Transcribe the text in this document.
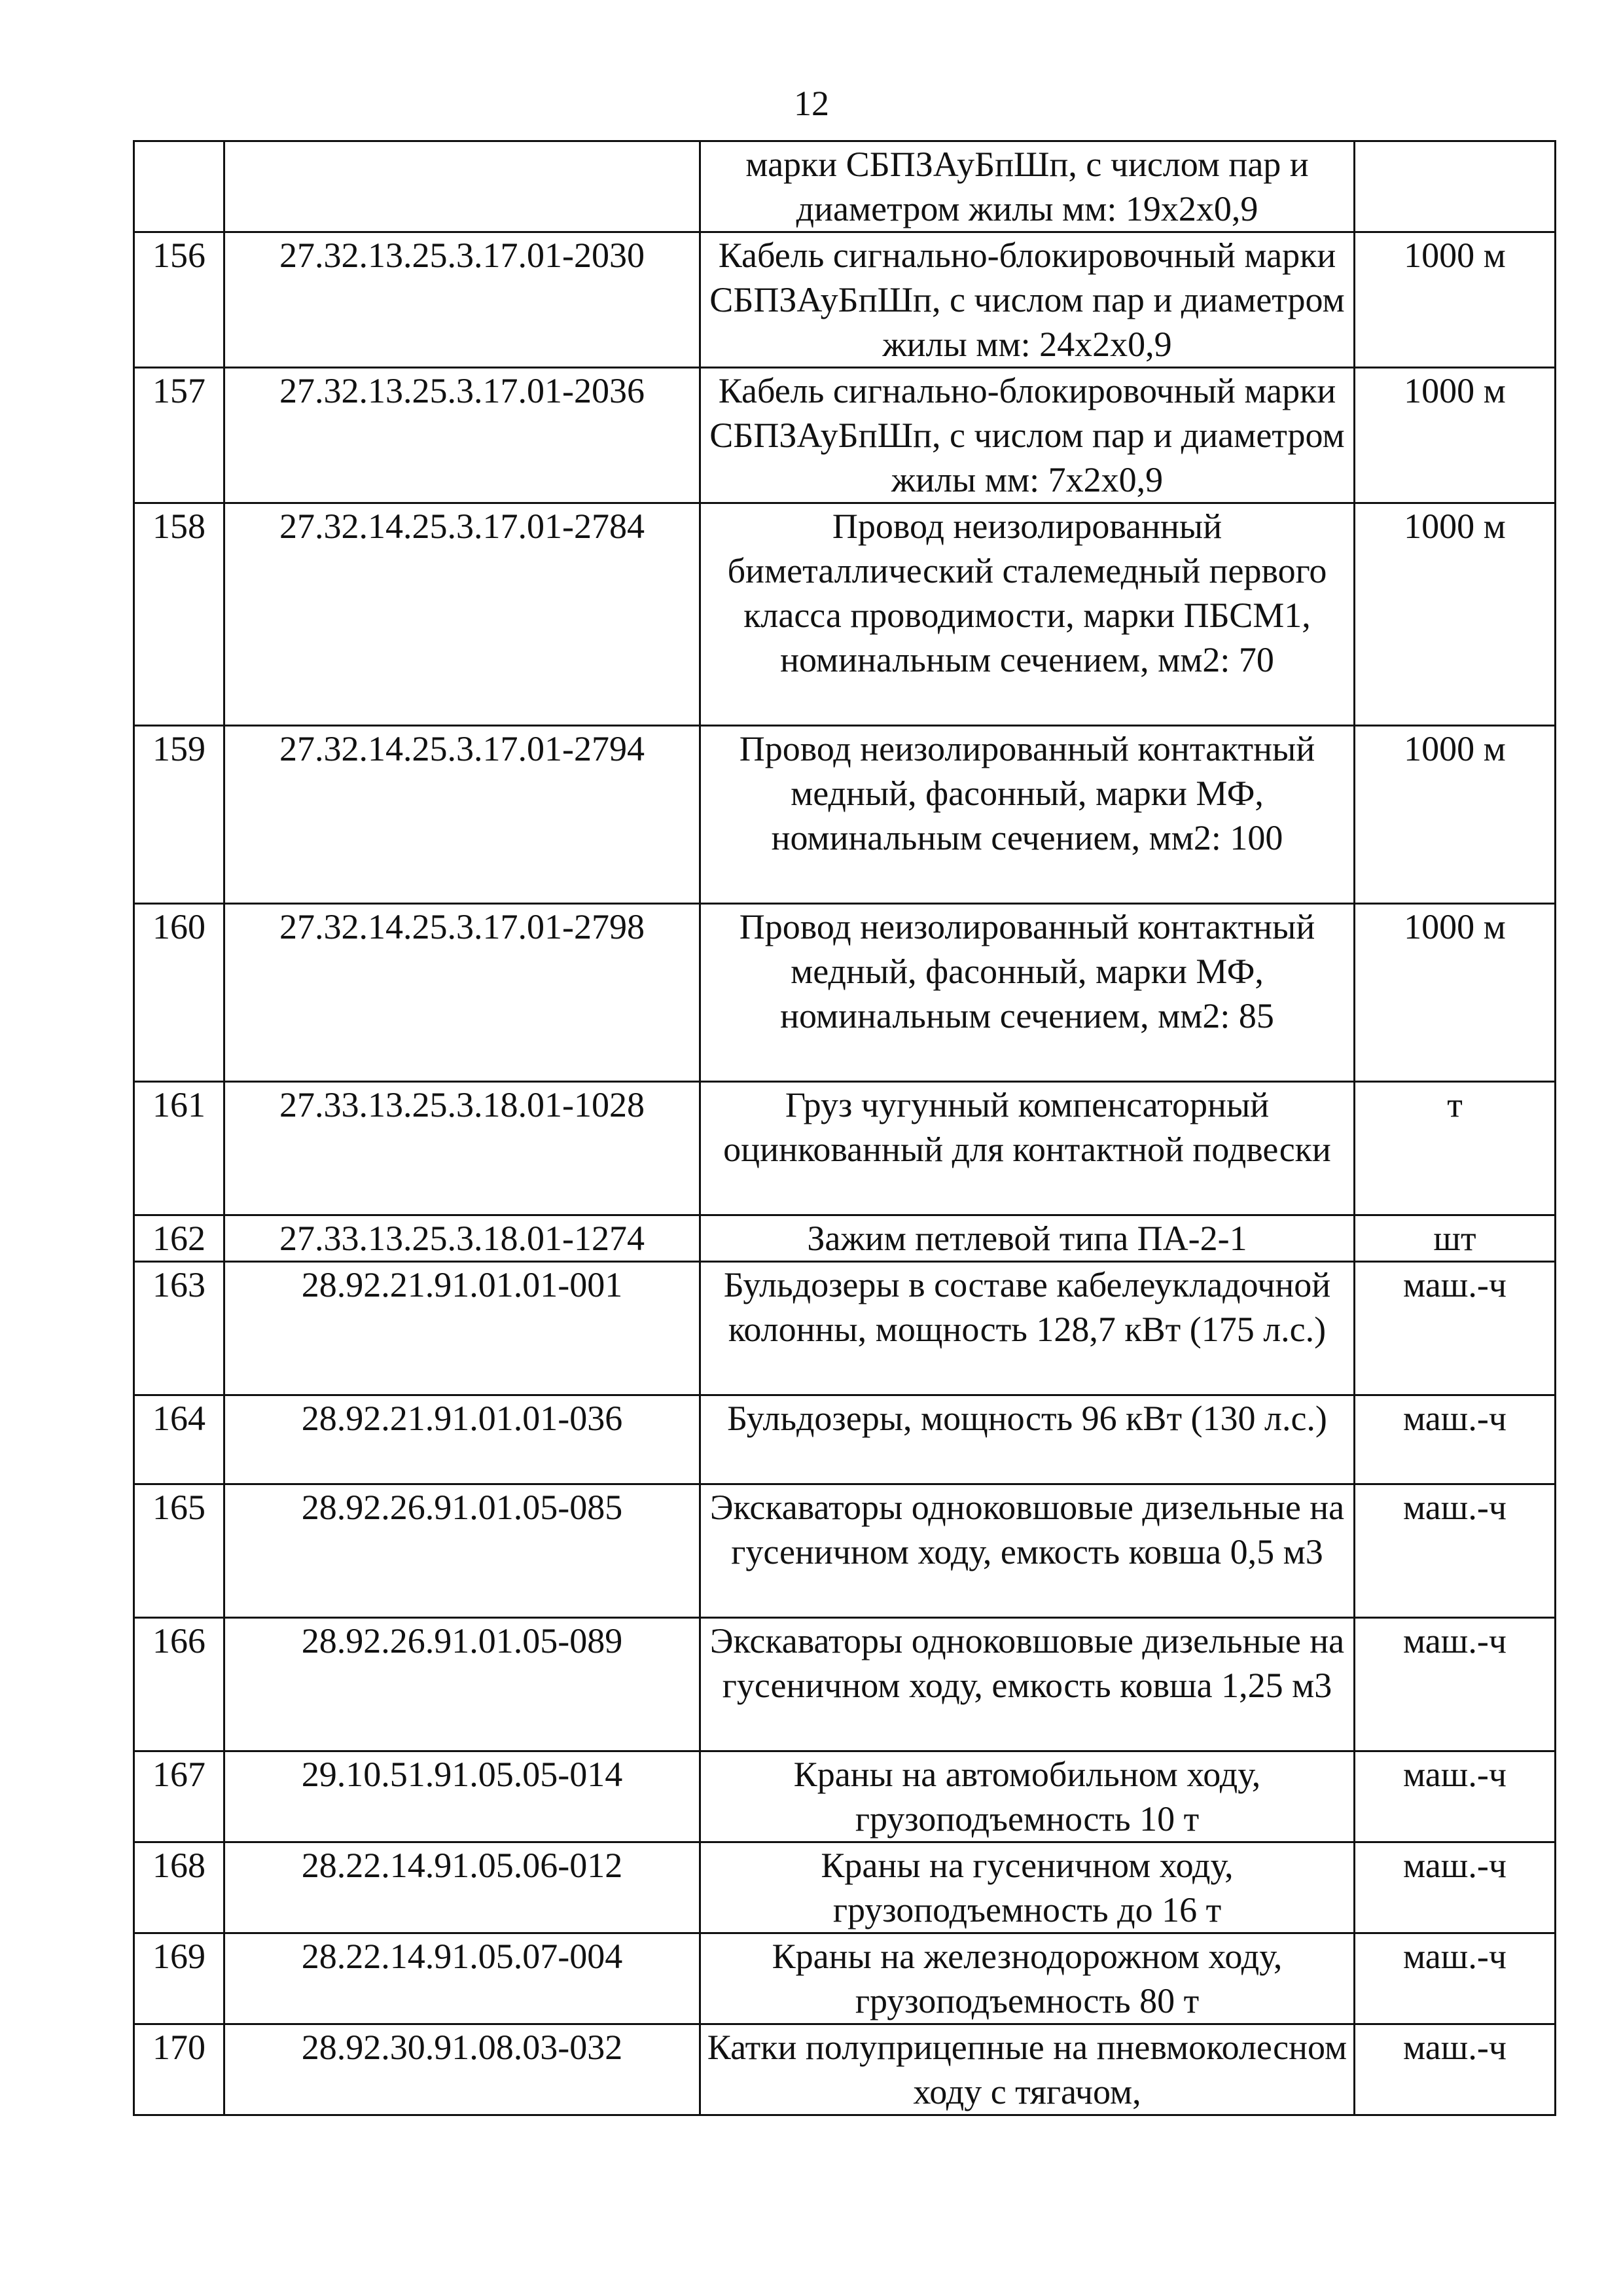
12
		марки СБПЗАуБпШп, с числом пар и диаметром жилы мм: 19х2х0,9	
156	27.32.13.25.3.17.01-2030	Кабель сигнально-блокировочный марки СБПЗАуБпШп, с числом пар и диаметром жилы мм: 24х2х0,9	1000 м
157	27.32.13.25.3.17.01-2036	Кабель сигнально-блокировочный марки СБПЗАуБпШп, с числом пар и диаметром жилы мм: 7х2х0,9	1000 м
158	27.32.14.25.3.17.01-2784	Провод неизолированный биметаллический сталемедный первого класса проводимости, марки ПБСМ1, номинальным сечением, мм2: 70	1000 м
159	27.32.14.25.3.17.01-2794	Провод неизолированный контактный медный, фасонный, марки МФ, номинальным сечением, мм2: 100	1000 м
160	27.32.14.25.3.17.01-2798	Провод неизолированный контактный медный, фасонный, марки МФ, номинальным сечением, мм2: 85	1000 м
161	27.33.13.25.3.18.01-1028	Груз чугунный компенсаторный оцинкованный для контактной подвески	т
162	27.33.13.25.3.18.01-1274	Зажим петлевой типа ПА-2-1	шт
163	28.92.21.91.01.01-001	Бульдозеры в составе кабелеукладочной колонны, мощность 128,7 кВт (175 л.с.)	маш.-ч
164	28.92.21.91.01.01-036	Бульдозеры, мощность 96 кВт (130 л.с.)	маш.-ч
165	28.92.26.91.01.05-085	Экскаваторы одноковшовые дизельные на гусеничном ходу, емкость ковша 0,5 м3	маш.-ч
166	28.92.26.91.01.05-089	Экскаваторы одноковшовые дизельные на гусеничном ходу, емкость ковша 1,25 м3	маш.-ч
167	29.10.51.91.05.05-014	Краны на автомобильном ходу, грузоподъемность 10 т	маш.-ч
168	28.22.14.91.05.06-012	Краны на гусеничном ходу, грузоподъемность до 16 т	маш.-ч
169	28.22.14.91.05.07-004	Краны на железнодорожном ходу, грузоподъемность 80 т	маш.-ч
170	28.92.30.91.08.03-032	Катки полуприцепные на пневмоколесном ходу с тягачом,	маш.-ч
